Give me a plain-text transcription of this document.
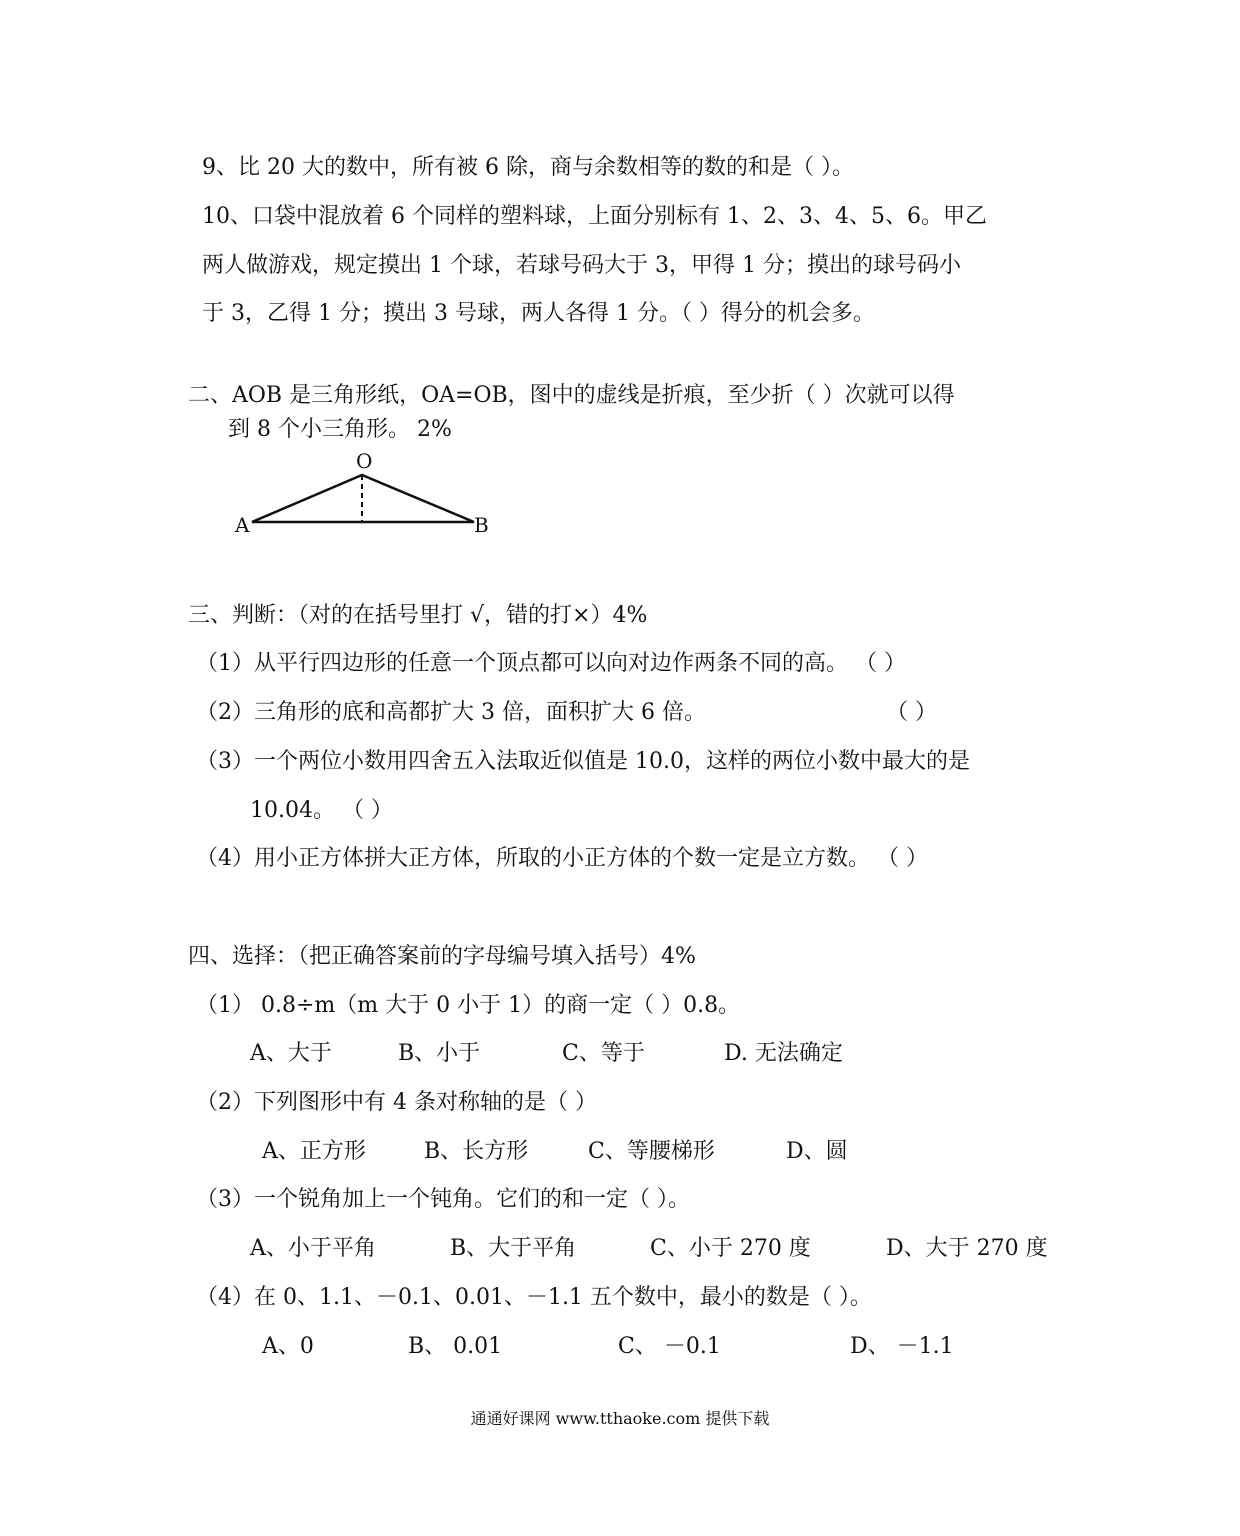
9、比 20 大的数中，所有被 6 除，商与余数相等的数的和是（ ）。
10、口袋中混放着 6 个同样的塑料球，上面分别标有 1、2、3、4、5、6。甲乙
两人做游戏，规定摸出 1 个球，若球号码大于 3，甲得 1 分；摸出的球号码小
于 3，乙得 1 分；摸出 3 号球，两人各得 1 分。（ ）得分的机会多。
二、AOB 是三角形纸，OA=OB，图中的虚线是折痕，至少折（ ）次就可以得
到 8 个小三角形。 2%
O
A	B
三、判断：（对的在括号里打 √，错的打×）4%
（1）从平行四边形的任意一个顶点都可以向对边作两条不同的高。 （ ）
（2）三角形的底和高都扩大 3 倍，面积扩大 6 倍。	（ ）
（3）一个两位小数用四舍五入法取近似值是 10.0，这样的两位小数中最大的是
10.04。 （ ）
（4）用小正方体拼大正方体，所取的小正方体的个数一定是立方数。 （ ）
四、选择：（把正确答案前的字母编号填入括号）4%
（1） 0.8÷m（m 大于 0 小于 1）的商一定（ ）0.8。
A、大于	B、小于	C、等于	D. 无法确定
（2）下列图形中有 4 条对称轴的是（ ）
A、正方形	B、长方形	C、等腰梯形	D、圆
（3）一个锐角加上一个钝角。它们的和一定（ ）。
A、小于平角	B、大于平角	C、小于 270 度	D、大于 270 度
（4）在 0、1.1、－0.1、0.01、－1.1 五个数中，最小的数是（ ）。
A、0	B、 0.01	C、 －0.1	D、 －1.1
通通好课网 www.tthaoke.com 提供下载
